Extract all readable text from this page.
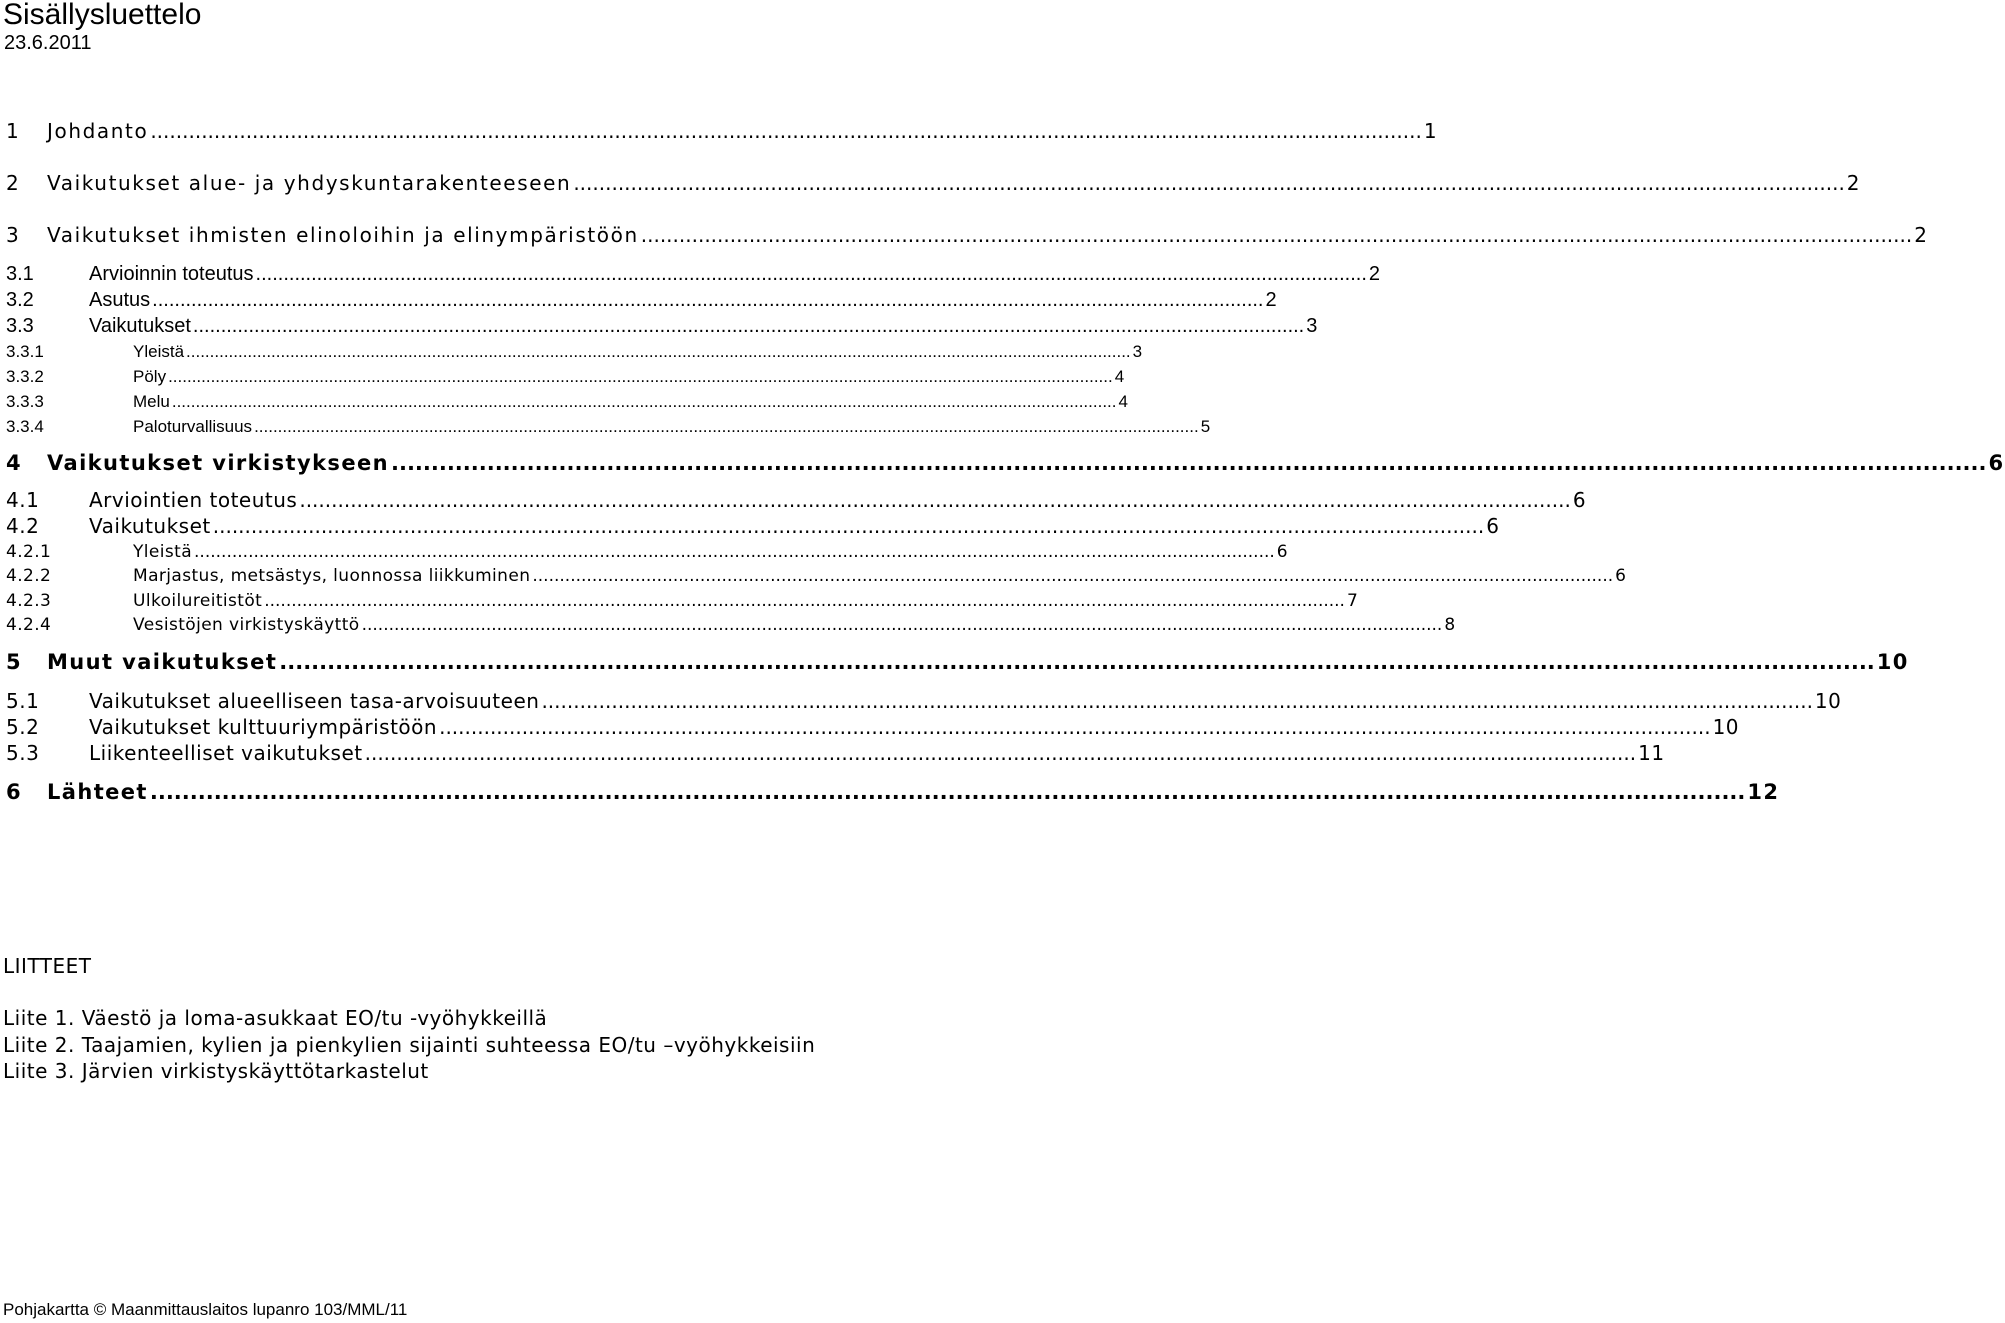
Sisällysluettelo
23.6.2011
1	Johdanto ........................................................................................................................................................................................................ 1
2	Vaikutukset alue- ja yhdyskuntarakenteeseen ........................................................................................................................................................................................................ 2
3	Vaikutukset ihmisten elinoloihin ja elinympäristöön ........................................................................................................................................................................................................ 2
3.1	Arvioinnin toteutus ........................................................................................................................................................................................................ 2
3.2	Asutus ........................................................................................................................................................................................................ 2
3.3	Vaikutukset ........................................................................................................................................................................................................ 3
3.3.1	Yleistä ........................................................................................................................................................................................................ 3
3.3.2	Pöly ........................................................................................................................................................................................................ 4
3.3.3	Melu ........................................................................................................................................................................................................ 4
3.3.4	Paloturvallisuus ........................................................................................................................................................................................................ 5
4	Vaikutukset virkistykseen ........................................................................................................................................................................................................ 6
4.1	Arviointien toteutus ........................................................................................................................................................................................................ 6
4.2	Vaikutukset ........................................................................................................................................................................................................ 6
4.2.1	Yleistä ........................................................................................................................................................................................................ 6
4.2.2	Marjastus, metsästys, luonnossa liikkuminen ........................................................................................................................................................................................................ 6
4.2.3	Ulkoilureitistöt ........................................................................................................................................................................................................ 7
4.2.4	Vesistöjen virkistyskäyttö ........................................................................................................................................................................................................ 8
5	Muut vaikutukset ........................................................................................................................................................................................................ 10
5.1	Vaikutukset alueelliseen tasa-arvoisuuteen ........................................................................................................................................................................................................ 10
5.2	Vaikutukset kulttuuriympäristöön ........................................................................................................................................................................................................ 10
5.3	Liikenteelliset vaikutukset ........................................................................................................................................................................................................ 11
6	Lähteet ........................................................................................................................................................................................................ 12
LIITTEET
Liite 1. Väestö ja loma-asukkaat EO/tu -vyöhykkeillä
Liite 2. Taajamien, kylien ja pienkylien sijainti suhteessa EO/tu –vyöhykkeisiin
Liite 3. Järvien virkistyskäyttötarkastelut
Pohjakartta © Maanmittauslaitos lupanro 103/MML/11
